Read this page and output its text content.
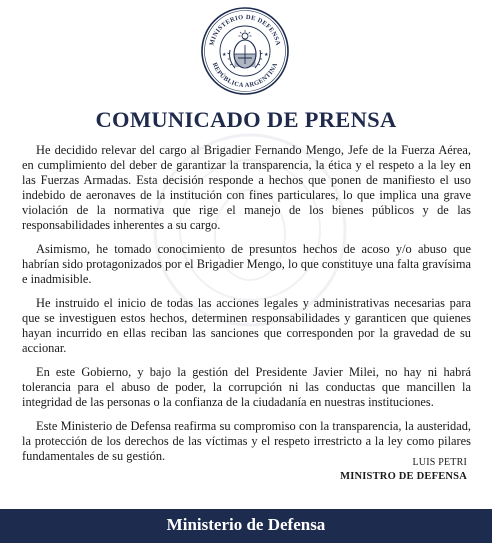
MINISTERIO DE DEFENSA
REPÚBLICA ARGENTINA
★	★
COMUNICADO DE PRENSA

He decidido relevar del cargo al Brigadier Fernando Mengo, Jefe de la Fuerza Aérea, en cumplimiento del deber de garantizar la transparencia, la ética y el respeto a la ley en las Fuerzas Armadas. Esta decisión responde a hechos que ponen de manifiesto el uso indebido de aeronaves de la institución con fines particulares, lo que implica una grave violación de la normativa que rige el manejo de los bienes públicos y de las responsabilidades inherentes a su cargo.

Asimismo, he tomado conocimiento de presuntos hechos de acoso y/o abuso que habrían sido protagonizados por el Brigadier Mengo, lo que constituye una falta gravísima e inadmisible.

He instruido el inicio de todas las acciones legales y administrativas necesarias para que se investiguen estos hechos, determinen responsabilidades y garanticen que quienes hayan incurrido en ellas reciban las sanciones que corresponden por la gravedad de su accionar.

En este Gobierno, y bajo la gestión del Presidente Javier Milei, no hay ni habrá tolerancia para el abuso de poder, la corrupción ni las conductas que mancillen la integridad de las personas o la confianza de la ciudadanía en nuestras instituciones.

Este Ministerio de Defensa reafirma su compromiso con la transparencia, la austeridad, la protección de los derechos de las víctimas y el respeto irrestricto a la ley como pilares fundamentales de su gestión.	LUIS PETRI
MINISTRO DE DEFENSA
Ministerio de Defensa
